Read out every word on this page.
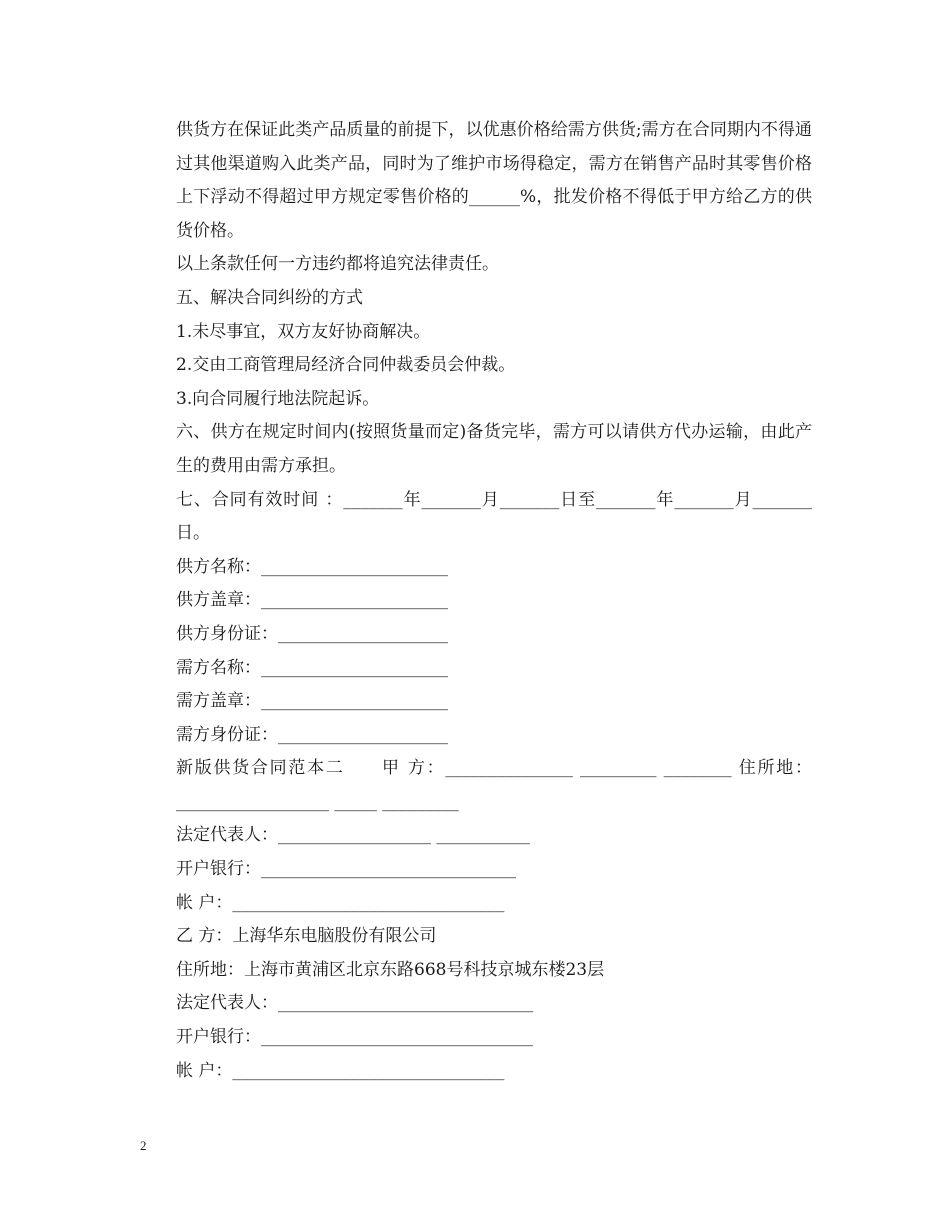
供货方在保证此类产品质量的前提下，以优惠价格给需方供货;需方在合同期内不得通过其他渠道购入此类产品，同时为了维护市场得稳定，需方在销售产品时其零售价格上下浮动不得超过甲方规定零售价格的______%，批发价格不得低于甲方给乙方的供货价格。

以上条款任何一方违约都将追究法律责任。

五、解决合同纠纷的方式

1.未尽事宜，双方友好协商解决。

2.交由工商管理局经济合同仲裁委员会仲裁。

3.向合同履行地法院起诉。

六、供方在规定时间内(按照货量而定)备货完毕，需方可以请供方代办运输，由此产生的费用由需方承担。

七、合同有效时间 ：_______年_______月_______日至_______年_______月_______日。

供方名称：______________________

供方盖章：______________________

供方身份证：____________________

需方名称：______________________

需方盖章：______________________

需方身份证：____________________

新版供货合同范本二　　甲 方：_______________ _________ ________ 住所地：__________________ _____ _________

法定代表人：__________________ ___________

开户银行：______________________________

帐 户：________________________________

乙 方：上海华东电脑股份有限公司

住所地：上海市黄浦区北京东路668号科技京城东楼23层

法定代表人：______________________________

开户银行：________________________________

帐 户：________________________________

2
